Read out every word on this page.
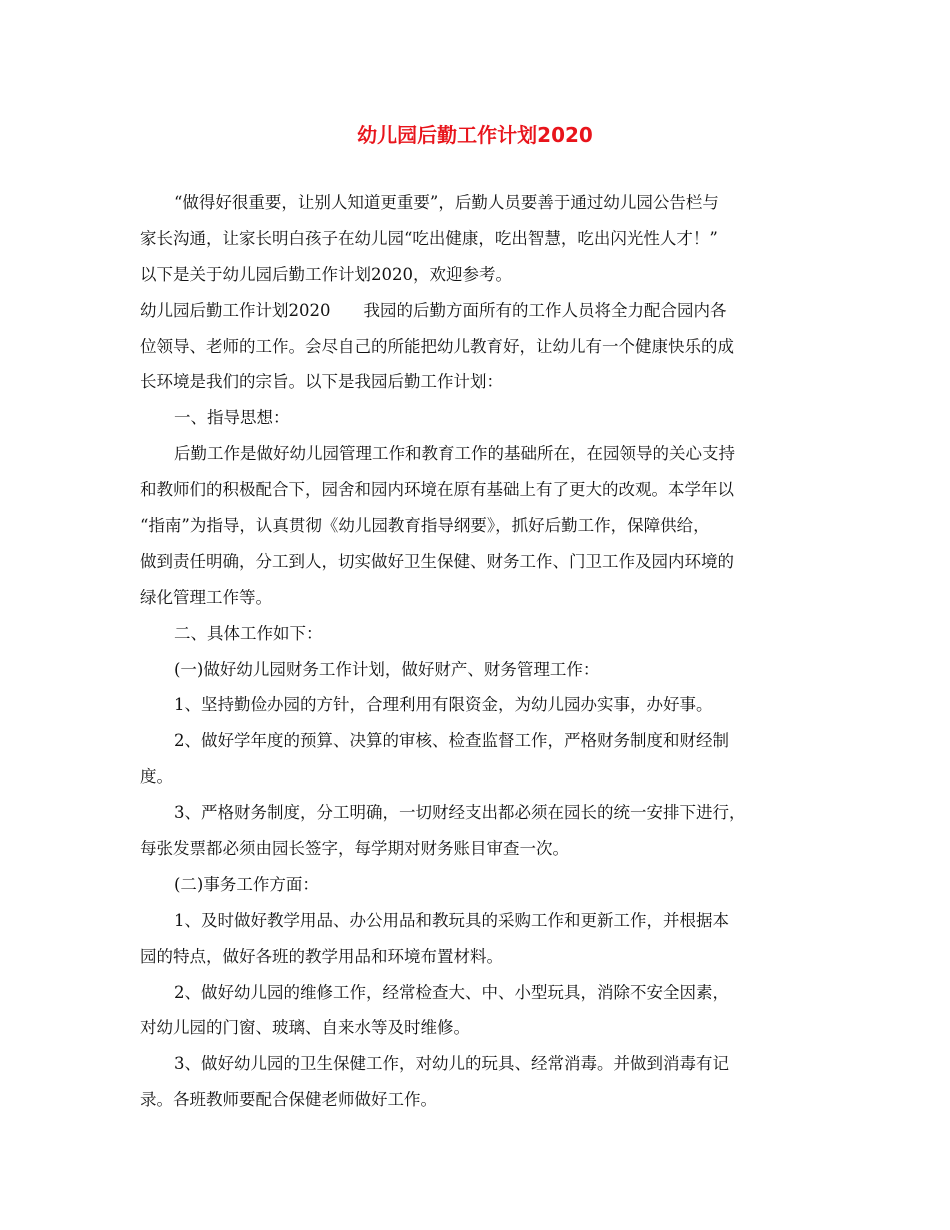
幼儿园后勤工作计划2020
“做得好很重要，让别人知道更重要”，后勤人员要善于通过幼儿园公告栏与
家长沟通，让家长明白孩子在幼儿园“吃出健康，吃出智慧，吃出闪光性人才！”
以下是关于幼儿园后勤工作计划2020，欢迎参考。
幼儿园后勤工作计划2020　　我园的后勤方面所有的工作人员将全力配合园内各
位领导、老师的工作。会尽自己的所能把幼儿教育好，让幼儿有一个健康快乐的成
长环境是我们的宗旨。以下是我园后勤工作计划：
一、指导思想：
后勤工作是做好幼儿园管理工作和教育工作的基础所在，在园领导的关心支持
和教师们的积极配合下，园舍和园内环境在原有基础上有了更大的改观。本学年以
“指南”为指导，认真贯彻《幼儿园教育指导纲要》，抓好后勤工作，保障供给，
做到责任明确，分工到人，切实做好卫生保健、财务工作、门卫工作及园内环境的
绿化管理工作等。
二、具体工作如下：
(一)做好幼儿园财务工作计划，做好财产、财务管理工作：
1、坚持勤俭办园的方针，合理利用有限资金，为幼儿园办实事，办好事。
2、做好学年度的预算、决算的审核、检查监督工作，严格财务制度和财经制
度。
3、严格财务制度，分工明确，一切财经支出都必须在园长的统一安排下进行，
每张发票都必须由园长签字，每学期对财务账目审查一次。
(二)事务工作方面：
1、及时做好教学用品、办公用品和教玩具的采购工作和更新工作，并根据本
园的特点，做好各班的教学用品和环境布置材料。
2、做好幼儿园的维修工作，经常检查大、中、小型玩具，消除不安全因素，
对幼儿园的门窗、玻璃、自来水等及时维修。
3、做好幼儿园的卫生保健工作，对幼儿的玩具、经常消毒。并做到消毒有记
录。各班教师要配合保健老师做好工作。
